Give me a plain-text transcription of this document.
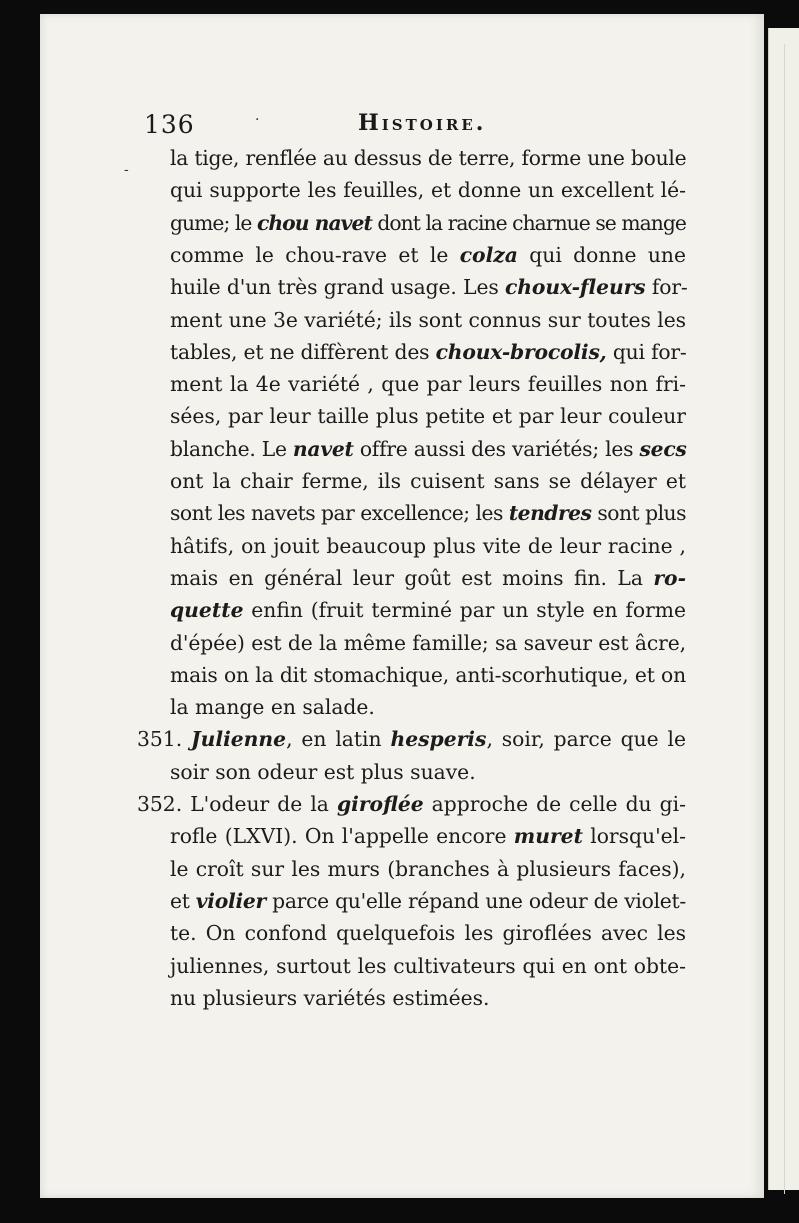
136	Histoire.
·
- la tige, renflée au dessus de terre, forme une boule

qui supporte les feuilles, et donne un excellent lé-

gume; le chou navet dont la racine charnue se mange

comme le chou-rave et le colza qui donne une

huile d'un très grand usage. Les choux-fleurs for-

ment une 3e variété; ils sont connus sur toutes les

tables, et ne diffèrent des choux-brocolis, qui for-

ment la 4e variété , que par leurs feuilles non fri-

sées, par leur taille plus petite et par leur couleur

blanche. Le navet offre aussi des variétés; les secs

ont la chair ferme, ils cuisent sans se délayer et

sont les navets par excellence; les tendres sont plus

hâtifs, on jouit beaucoup plus vite de leur racine ,

mais en général leur goût est moins fin. La ro-

quette enfin (fruit terminé par un style en forme

d'épée) est de la même famille; sa saveur est âcre,

mais on la dit stomachique, anti-scorhutique, et on

la mange en salade.

351. Julienne, en latin hesperis, soir, parce que le

soir son odeur est plus suave.

352. L'odeur de la giroflée approche de celle du gi-

rofle (LXVI). On l'appelle encore muret lorsqu'el-

le croît sur les murs (branches à plusieurs faces),

et violier parce qu'elle répand une odeur de violet-

te. On confond quelquefois les giroflées avec les

juliennes, surtout les cultivateurs qui en ont obte-

nu plusieurs variétés estimées.
